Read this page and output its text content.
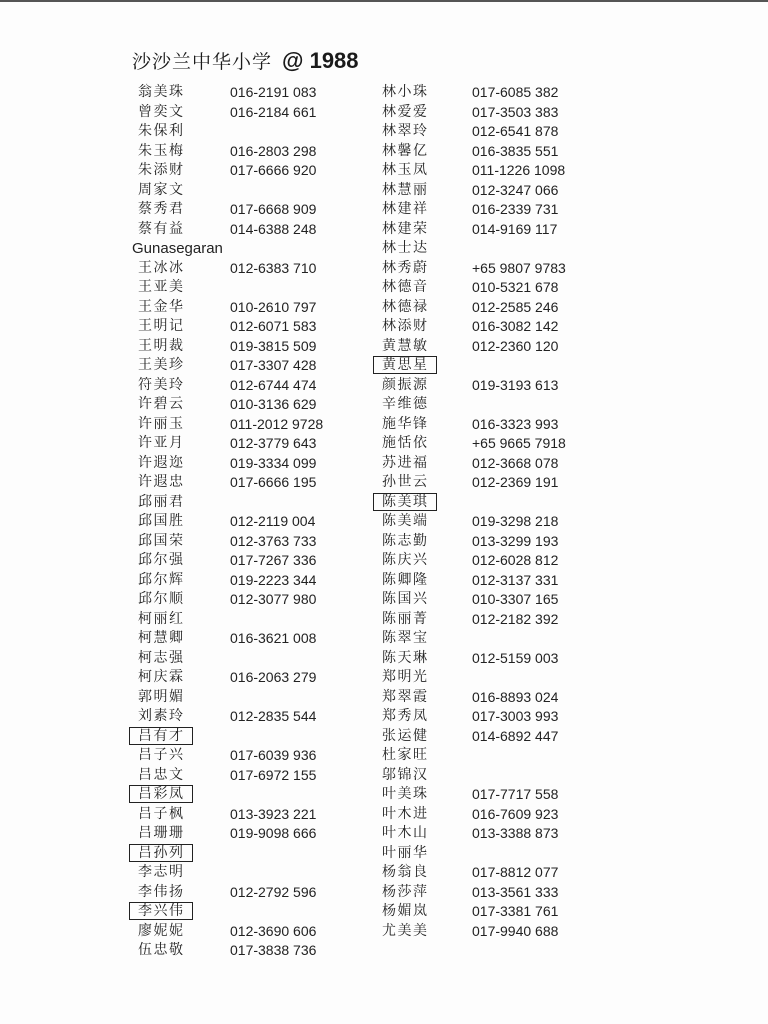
沙沙兰中华小学 @ 1988
翁美珠	016-2191 083
曾奕文	016-2184 661
朱保利
朱玉梅	016-2803 298
朱添财	017-6666 920
周家文
蔡秀君	017-6668 909
蔡有益	014-6388 248
Gunasegaran
王冰冰	012-6383 710
王亚美
王金华	010-2610 797
王明记	012-6071 583
王明裁	019-3815 509
王美珍	017-3307 428
符美玲	012-6744 474
许碧云	010-3136 629
许丽玉	011-2012 9728
许亚月	012-3779 643
许遐迩	019-3334 099
许遐忠	017-6666 195
邱丽君
邱国胜	012-2119 004
邱国荣	012-3763 733
邱尔强	017-7267 336
邱尔辉	019-2223 344
邱尔顺	012-3077 980
柯丽红
柯慧卿	016-3621 008
柯志强
柯庆霖	016-2063 279
郭明媚
刘素玲	012-2835 544
吕有才
吕子兴	017-6039 936
吕忠文	017-6972 155
吕彩凤
吕子枫	013-3923 221
吕珊珊	019-9098 666
吕孙列
李志明
李伟扬	012-2792 596
李兴伟
廖妮妮	012-3690 606
伍忠敬	017-3838 736
林小珠	017-6085 382
林爱爱	017-3503 383
林翠玲	012-6541 878
林馨亿	016-3835 551
林玉凤	011-1226 1098
林慧丽	012-3247 066
林建祥	016-2339 731
林建荣	014-9169 117
林士达
林秀蔚	+65 9807 9783
林德音	010-5321 678
林德禄	012-2585 246
林添财	016-3082 142
黄慧敏	012-2360 120
黄思星
颜振源	019-3193 613
辛维德
施华锋	016-3323 993
施恬依	+65 9665 7918
苏进福	012-3668 078
孙世云	012-2369 191
陈美琪
陈美端	019-3298 218
陈志勤	013-3299 193
陈庆兴	012-6028 812
陈卿隆	012-3137 331
陈国兴	010-3307 165
陈丽菁	012-2182 392
陈翠宝
陈天琳	012-5159 003
郑明光
郑翠霞	016-8893 024
郑秀凤	017-3003 993
张运健	014-6892 447
杜家旺
邬锦汉
叶美珠	017-7717 558
叶木进	016-7609 923
叶木山	013-3388 873
叶丽华
杨翁良	017-8812 077
杨莎萍	013-3561 333
杨媚岚	017-3381 761
尤美美	017-9940 688
